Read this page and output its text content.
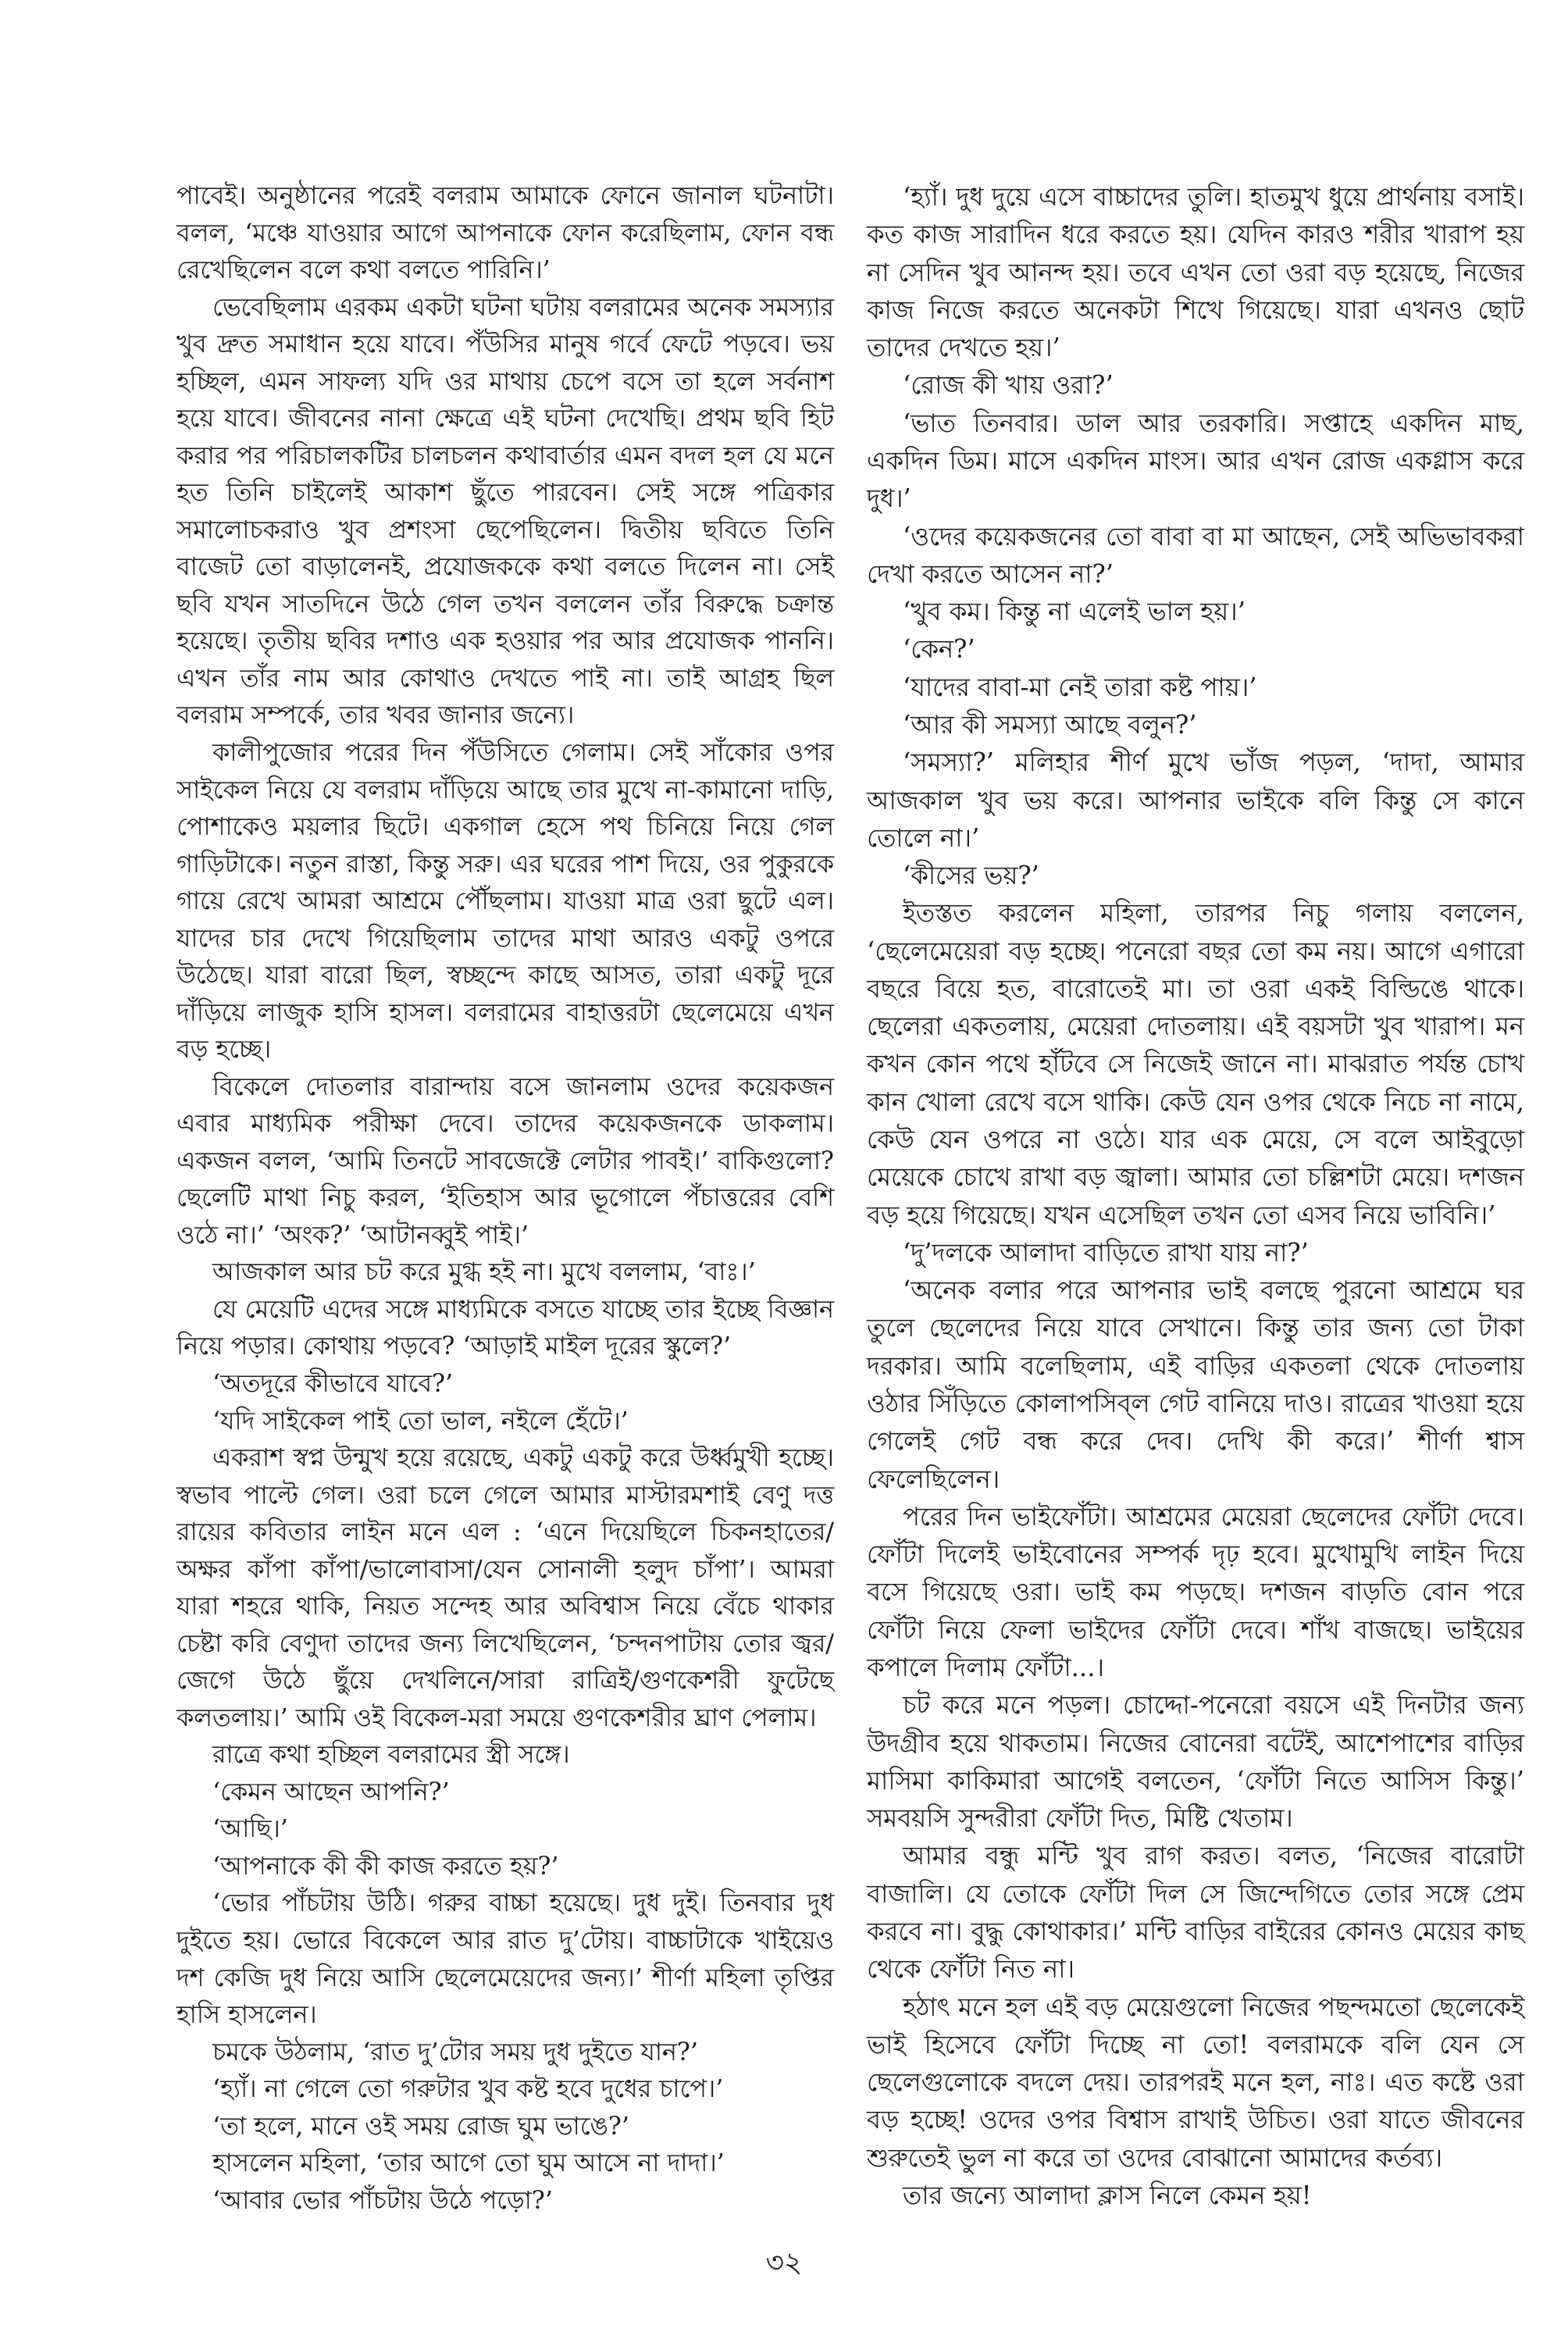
পাবেই। অনুষ্ঠানের পরেই বলরাম আমাকে ফোনে জানাল ঘটনাটা। বলল, ‘মঞ্চে যাওয়ার আগে আপনাকে ফোন করেছিলাম, ফোন বন্ধ রেখেছিলেন বলে কথা বলতে পারিনি।’

ভেবেছিলাম এরকম একটা ঘটনা ঘটায় বলরামের অনেক সমস্যার খুব দ্রুত সমাধান হয়ে যাবে। পঁউসির মানুষ গর্বে ফেটে পড়বে। ভয় হচ্ছিল, এমন সাফল্য যদি ওর মাথায় চেপে বসে তা হলে সর্বনাশ হয়ে যাবে। জীবনের নানা ক্ষেত্রে এই ঘটনা দেখেছি। প্রথম ছবি হিট করার পর পরিচালকটির চালচলন কথাবার্তার এমন বদল হল যে মনে হত তিনি চাইলেই আকাশ ছুঁতে পারবেন। সেই সঙ্গে পত্রিকার সমালোচকরাও খুব প্রশংসা ছেপেছিলেন। দ্বিতীয় ছবিতে তিনি বাজেট তো বাড়ালেনই, প্রযোজককে কথা বলতে দিলেন না। সেই ছবি যখন সাতদিনে উঠে গেল তখন বললেন তাঁর বিরুদ্ধে চক্রান্ত হয়েছে। তৃতীয় ছবির দশাও এক হওয়ার পর আর প্রযোজক পাননি। এখন তাঁর নাম আর কোথাও দেখতে পাই না। তাই আগ্রহ ছিল বলরাম সম্পর্কে, তার খবর জানার জন্যে।

কালীপুজোর পরের দিন পঁউসিতে গেলাম। সেই সাঁকোর ওপর সাইকেল নিয়ে যে বলরাম দাঁড়িয়ে আছে তার মুখে না-কামানো দাড়ি, পোশাকেও ময়লার ছিটে। একগাল হেসে পথ চিনিয়ে নিয়ে গেল গাড়িটাকে। নতুন রাস্তা, কিন্তু সরু। এর ঘরের পাশ দিয়ে, ওর পুকুরকে গায়ে রেখে আমরা আশ্রমে পৌঁছলাম। যাওয়া মাত্র ওরা ছুটে এল। যাদের চার দেখে গিয়েছিলাম তাদের মাথা আরও একটু ওপরে উঠেছে। যারা বারো ছিল, স্বচ্ছন্দে কাছে আসত, তারা একটু দূরে দাঁড়িয়ে লাজুক হাসি হাসল। বলরামের বাহাত্তরটা ছেলেমেয়ে এখন বড় হচ্ছে।

বিকেলে দোতলার বারান্দায় বসে জানলাম ওদের কয়েকজন এবার মাধ্যমিক পরীক্ষা দেবে। তাদের কয়েকজনকে ডাকলাম। একজন বলল, ‘আমি তিনটে সাবজেক্টে লেটার পাবই।’ বাকিগুলো? ছেলেটি মাথা নিচু করল, ‘ইতিহাস আর ভূগোলে পঁচাত্তরের বেশি ওঠে না।’ ‘অংক?’ ‘আটানব্বুই পাই।’

আজকাল আর চট করে মুগ্ধ হই না। মুখে বললাম, ‘বাঃ।’

যে মেয়েটি এদের সঙ্গে মাধ্যমিকে বসতে যাচ্ছে তার ইচ্ছে বিজ্ঞান নিয়ে পড়ার। কোথায় পড়বে? ‘আড়াই মাইল দূরের স্কুলে?’

‘অতদূরে কীভাবে যাবে?’

‘যদি সাইকেল পাই তো ভাল, নইলে হেঁটে।’

একরাশ স্বপ্ন উন্মুখ হয়ে রয়েছে, একটু একটু করে উর্ধ্বমুখী হচ্ছে। স্বভাব পাল্টে গেল। ওরা চলে গেলে আমার মাস্টারমশাই বেণু দত্ত রায়ের কবিতার লাইন মনে এল : ‘এনে দিয়েছিলে চিকনহাতের/অক্ষর কাঁপা কাঁপা/ভালোবাসা/যেন সোনালী হলুদ চাঁপা’। আমরা যারা শহরে থাকি, নিয়ত সন্দেহ আর অবিশ্বাস নিয়ে বেঁচে থাকার চেষ্টা করি বেণুদা তাদের জন্য লিখেছিলেন, ‘চন্দনপাটায় তোর জ্বর/জেগে উঠে ছুঁয়ে দেখলিনে/সারা রাত্রিই/গুণকেশরী ফুটেছে কলতলায়।’ আমি ওই বিকেল-মরা সময়ে গুণকেশরীর ঘ্রাণ পেলাম।

রাত্রে কথা হচ্ছিল বলরামের স্ত্রী সঙ্গে।

‘কেমন আছেন আপনি?’

‘আছি।’

‘আপনাকে কী কী কাজ করতে হয়?’

‘ভোর পাঁচটায় উঠি। গরুর বাচ্চা হয়েছে। দুধ দুই। তিনবার দুধ দুইতে হয়। ভোরে বিকেলে আর রাত দু’টোয়। বাচ্চাটাকে খাইয়েও দশ কেজি দুধ নিয়ে আসি ছেলেমেয়েদের জন্য।’ শীর্ণা মহিলা তৃপ্তির হাসি হাসলেন।

চমকে উঠলাম, ‘রাত দু’টোর সময় দুধ দুইতে যান?’

‘হ্যাঁ। না গেলে তো গরুটার খুব কষ্ট হবে দুধের চাপে।’

‘তা হলে, মানে ওই সময় রোজ ঘুম ভাঙে?’

হাসলেন মহিলা, ‘তার আগে তো ঘুম আসে না দাদা।’

‘আবার ভোর পাঁচটায় উঠে পড়ো?’

‘হ্যাঁ। দুধ দুয়ে এসে বাচ্চাদের তুলি। হাতমুখ ধুয়ে প্রার্থনায় বসাই। কত কাজ সারাদিন ধরে করতে হয়। যেদিন কারও শরীর খারাপ হয় না সেদিন খুব আনন্দ হয়। তবে এখন তো ওরা বড় হয়েছে, নিজের কাজ নিজে করতে অনেকটা শিখে গিয়েছে। যারা এখনও ছোট তাদের দেখতে হয়।’

‘রোজ কী খায় ওরা?’

‘ভাত তিনবার। ডাল আর তরকারি। সপ্তাহে একদিন মাছ, একদিন ডিম। মাসে একদিন মাংস। আর এখন রোজ একগ্লাস করে দুধ।’

‘ওদের কয়েকজনের তো বাবা বা মা আছেন, সেই অভিভাবকরা দেখা করতে আসেন না?’

‘খুব কম। কিন্তু না এলেই ভাল হয়।’

‘কেন?’

‘যাদের বাবা-মা নেই তারা কষ্ট পায়।’

‘আর কী সমস্যা আছে বলুন?’

‘সমস্যা?’ মলিহার শীর্ণ মুখে ভাঁজ পড়ল, ‘দাদা, আমার আজকাল খুব ভয় করে। আপনার ভাইকে বলি কিন্তু সে কানে তোলে না।’

‘কীসের ভয়?’

ইতস্তত করলেন মহিলা, তারপর নিচু গলায় বললেন, ‘ছেলেমেয়েরা বড় হচ্ছে। পনেরো বছর তো কম নয়। আগে এগারো বছরে বিয়ে হত, বারোতেই মা। তা ওরা একই বিল্ডিঙে থাকে। ছেলেরা একতলায়, মেয়েরা দোতলায়। এই বয়সটা খুব খারাপ। মন কখন কোন পথে হাঁটবে সে নিজেই জানে না। মাঝরাত পর্যন্ত চোখ কান খোলা রেখে বসে থাকি। কেউ যেন ওপর থেকে নিচে না নামে, কেউ যেন ওপরে না ওঠে। যার এক মেয়ে, সে বলে আইবুড়ো মেয়েকে চোখে রাখা বড় জ্বালা। আমার তো চল্লিশটা মেয়ে। দশজন বড় হয়ে গিয়েছে। যখন এসেছিল তখন তো এসব নিয়ে ভাবিনি।’

‘দু’দলকে আলাদা বাড়িতে রাখা যায় না?’

‘অনেক বলার পরে আপনার ভাই বলছে পুরনো আশ্রমে ঘর তুলে ছেলেদের নিয়ে যাবে সেখানে। কিন্তু তার জন্য তো টাকা দরকার। আমি বলেছিলাম, এই বাড়ির একতলা থেকে দোতলায় ওঠার সিঁড়িতে কোলাপসিব্‌ল গেট বানিয়ে দাও। রাত্রের খাওয়া হয়ে গেলেই গেট বন্ধ করে দেব। দেখি কী করে।’ শীর্ণা শ্বাস ফেলেছিলেন।

পরের দিন ভাইফোঁটা। আশ্রমের মেয়েরা ছেলেদের ফোঁটা দেবে। ফোঁটা দিলেই ভাইবোনের সম্পর্ক দৃঢ় হবে। মুখোমুখি লাইন দিয়ে বসে গিয়েছে ওরা। ভাই কম পড়ছে। দশজন বাড়তি বোন পরে ফোঁটা নিয়ে ফেলা ভাইদের ফোঁটা দেবে। শাঁখ বাজছে। ভাইয়ের কপালে দিলাম ফোঁটা...।

চট করে মনে পড়ল। চোদ্দো-পনেরো বয়সে এই দিনটার জন্য উদগ্রীব হয়ে থাকতাম। নিজের বোনেরা বটেই, আশেপাশের বাড়ির মাসিমা কাকিমারা আগেই বলতেন, ‘ফোঁটা নিতে আসিস কিন্তু।’ সমবয়সি সুন্দরীরা ফোঁটা দিত, মিষ্টি খেতাম।

আমার বন্ধু মন্টি খুব রাগ করত। বলত, ‘নিজের বারোটা বাজালি। যে তোকে ফোঁটা দিল সে জিন্দেগিতে তোর সঙ্গে প্রেম করবে না। বুদ্ধু কোথাকার।’ মন্টি বাড়ির বাইরের কোনও মেয়ের কাছ থেকে ফোঁটা নিত না।

হঠাৎ মনে হল এই বড় মেয়েগুলো নিজের পছন্দমতো ছেলেকেই ভাই হিসেবে ফোঁটা দিচ্ছে না তো! বলরামকে বলি যেন সে ছেলেগুলোকে বদলে দেয়। তারপরই মনে হল, নাঃ। এত কষ্টে ওরা বড় হচ্ছে! ওদের ওপর বিশ্বাস রাখাই উচিত। ওরা যাতে জীবনের শুরুতেই ভুল না করে তা ওদের বোঝানো আমাদের কর্তব্য।

তার জন্যে আলাদা ক্লাস নিলে কেমন হয়!

৩২
